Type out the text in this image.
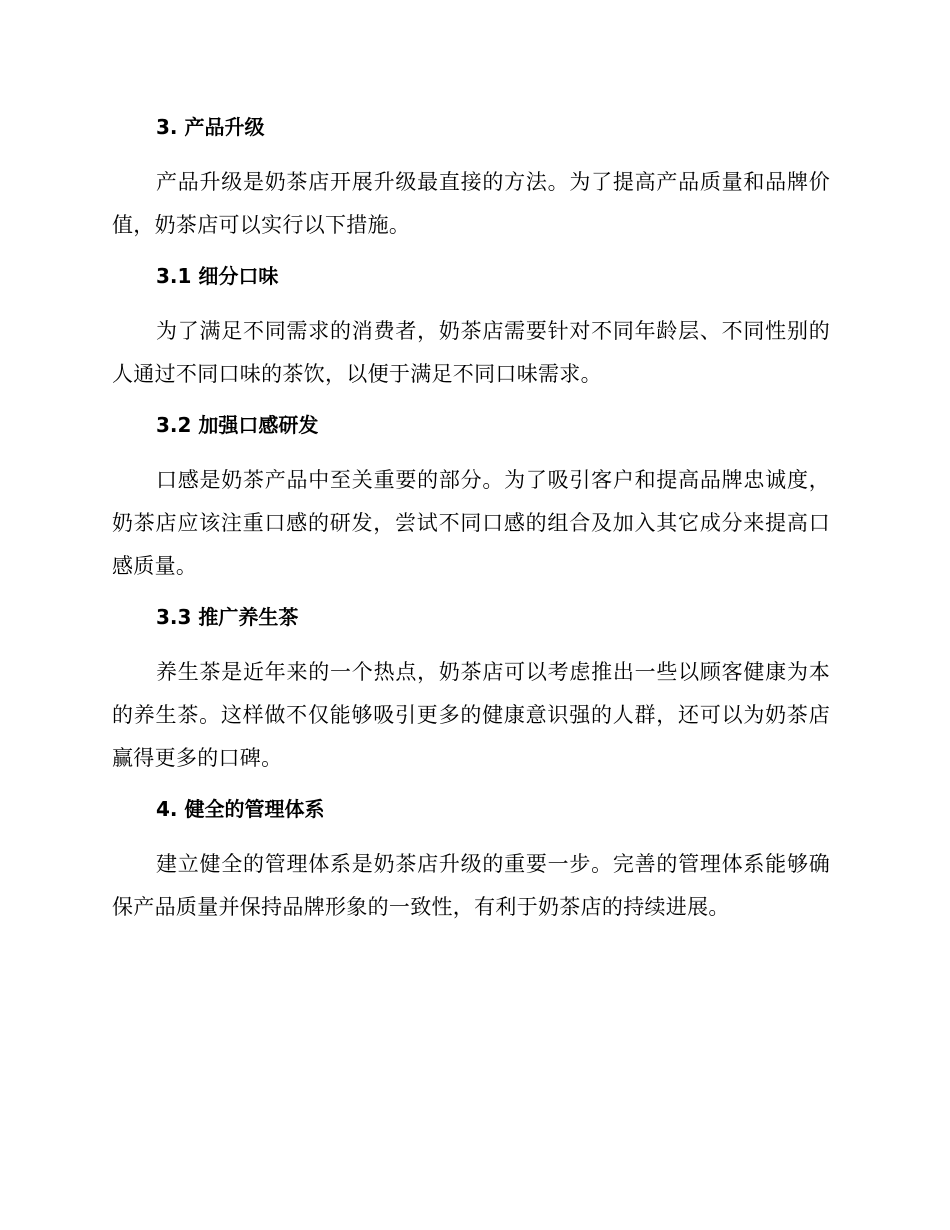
3. 产品升级
产品升级是奶茶店开展升级最直接的方法。为了提高产品质量和品牌价值，奶茶店可以实行以下措施。
3.1 细分口味
为了满足不同需求的消费者，奶茶店需要针对不同年龄层、不同性别的人通过不同口味的茶饮，以便于满足不同口味需求。
3.2 加强口感研发
口感是奶茶产品中至关重要的部分。为了吸引客户和提高品牌忠诚度，奶茶店应该注重口感的研发，尝试不同口感的组合及加入其它成分来提高口感质量。
3.3 推广养生茶
养生茶是近年来的一个热点，奶茶店可以考虑推出一些以顾客健康为本的养生茶。这样做不仅能够吸引更多的健康意识强的人群，还可以为奶茶店赢得更多的口碑。
4. 健全的管理体系
建立健全的管理体系是奶茶店升级的重要一步。完善的管理体系能够确保产品质量并保持品牌形象的一致性，有利于奶茶店的持续进展。
